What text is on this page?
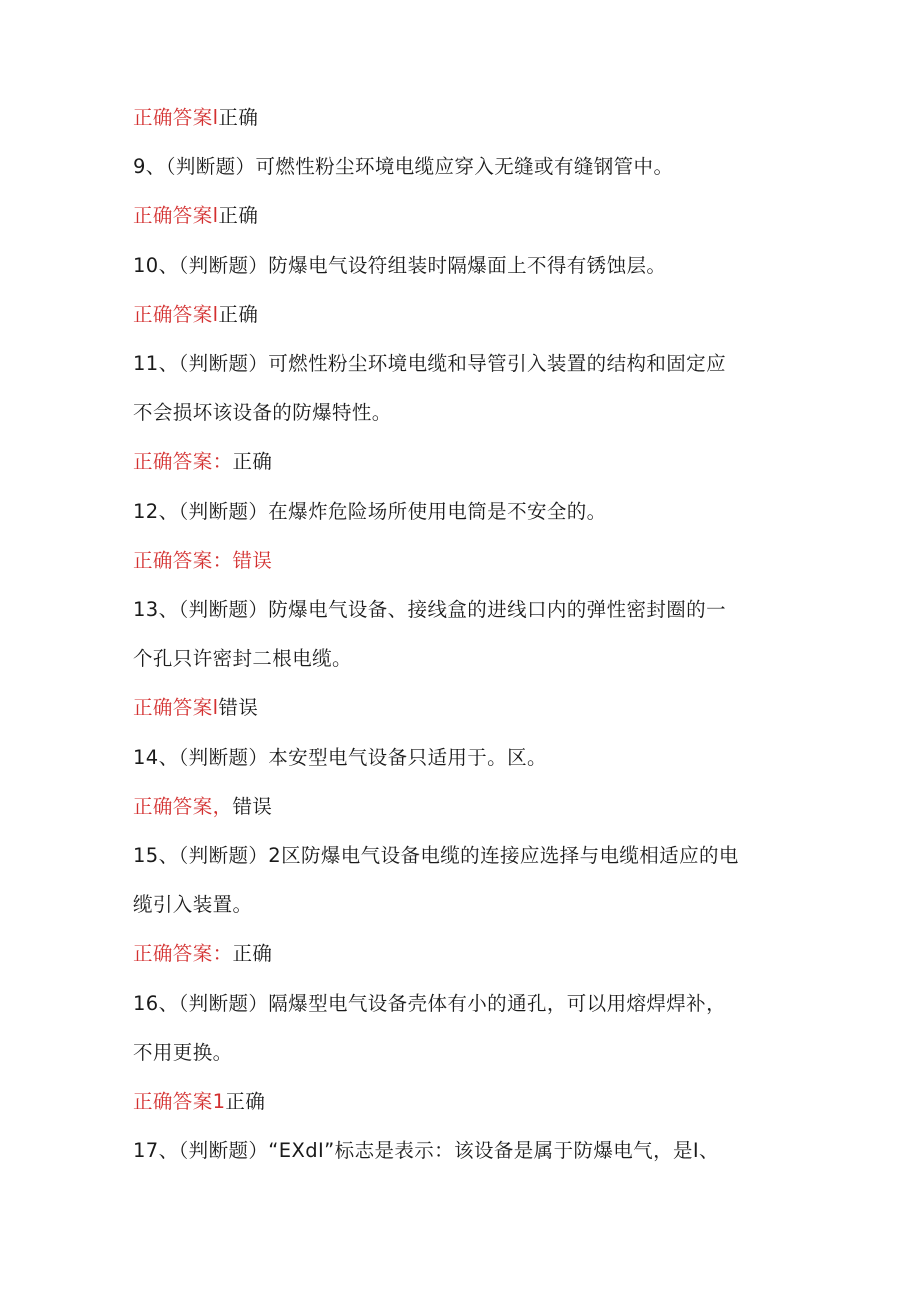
正确答案l正确
9、（判断题）可燃性粉尘环境电缆应穿入无缝或有缝钢管中。
正确答案l正确
10、（判断题）防爆电气设符组装时隔爆面上不得有锈蚀层。
正确答案l正确
11、（判断题）可燃性粉尘环境电缆和导管引入装置的结构和固定应
不会损坏该设备的防爆特性。
正确答案：正确
12、（判断题）在爆炸危险场所使用电筒是不安全的。
正确答案：错误
13、（判断题）防爆电气设备、接线盒的进线口内的弹性密封圈的一
个孔只许密封二根电缆。
正确答案l错误
14、（判断题）本安型电气设备只适用于。区。
正确答案，错误
15、（判断题）2区防爆电气设备电缆的连接应选择与电缆相适应的电
缆引入装置。
正确答案：正确
16、（判断题）隔爆型电气设备壳体有小的通孔，可以用熔焊焊补，
不用更换。
正确答案1正确
17、（判断题）“EXdI”标志是表示：该设备是属于防爆电气，是I、
